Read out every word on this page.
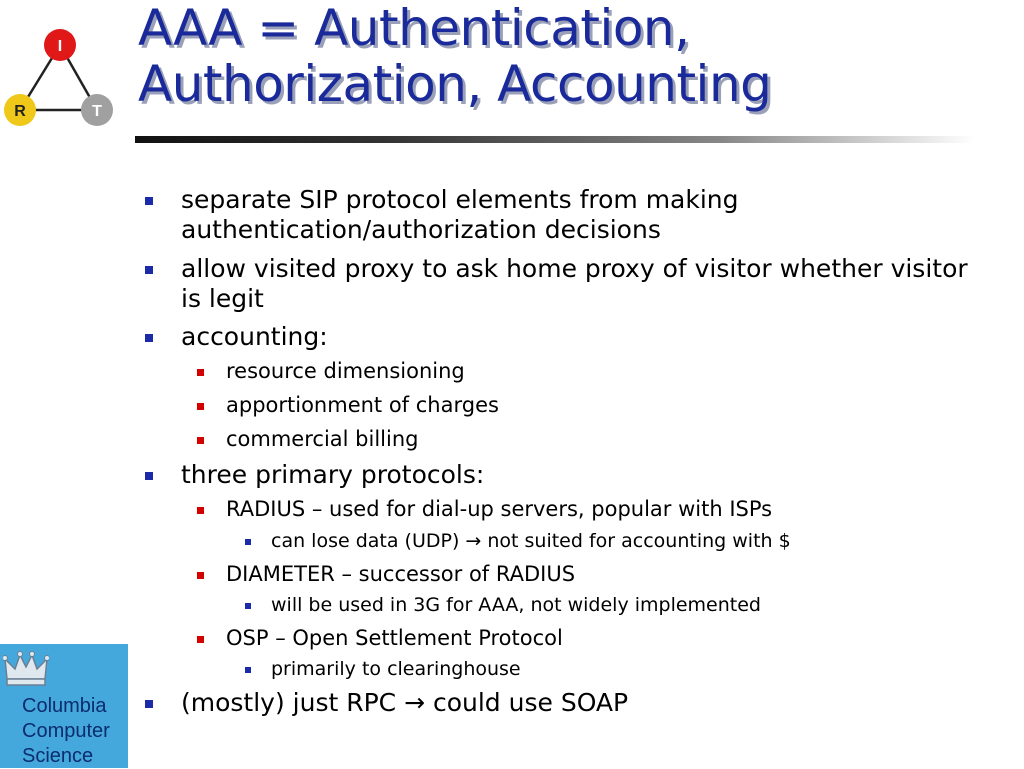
I
R	T
AAA = Authentication,
Authorization, Accounting
separate SIP protocol elements from making
authentication/authorization decisions
allow visited proxy to ask home proxy of visitor whether visitor
is legit
accounting:
resource dimensioning
apportionment of charges
commercial billing
three primary protocols:
RADIUS – used for dial-up servers, popular with ISPs
can lose data (UDP) → not suited for accounting with $
DIAMETER – successor of RADIUS
will be used in 3G for AAA, not widely implemented
OSP – Open Settlement Protocol
primarily to clearinghouse
(mostly) just RPC → could use SOAP
Columbia
Computer
Science
